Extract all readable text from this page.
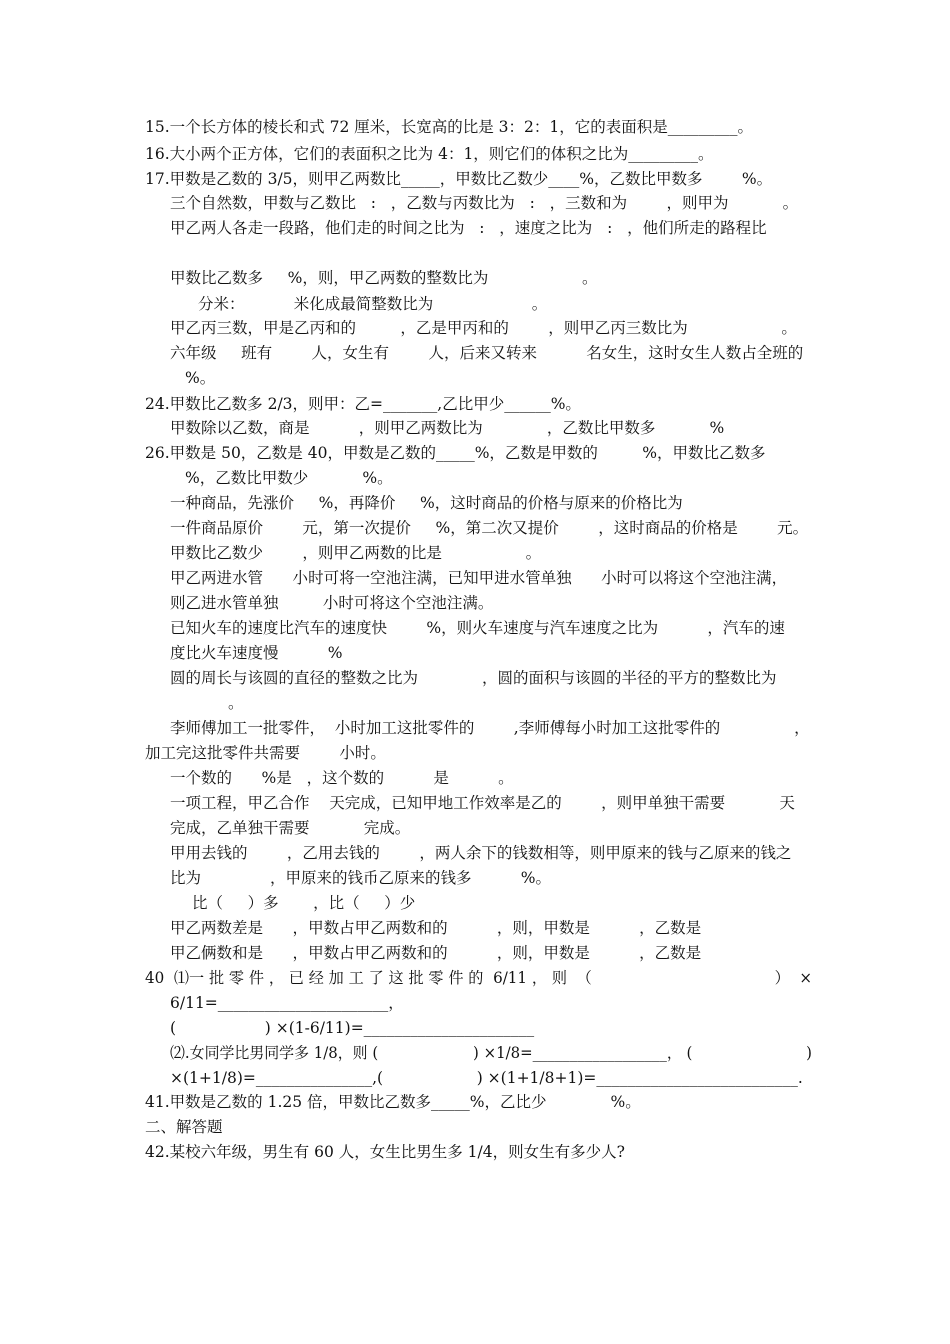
15.一个长方体的棱长和式 72 厘米，长宽高的比是 3：2：1，它的表面积是_________。
16.大小两个正方体，它们的表面积之比为 4：1，则它们的体积之比为_________。
17.甲数是乙数的 3/5，则甲乙两数比_____，甲数比乙数少____%，乙数比甲数多        %。
三个自然数，甲数与乙数比   :   ，乙数与丙数比为   :   ，三数和为        ，则甲为           。
甲乙两人各走一段路，他们走的时间之比为   :   ，速度之比为   :   ，他们所走的路程比
甲数比乙数多     %，则，甲乙两数的整数比为                   。
分米：          米化成最简整数比为                    。
甲乙丙三数，甲是乙丙和的         ，乙是甲丙和的        ，则甲乙丙三数比为                   。
六年级     班有        人，女生有        人，后来又转来          名女生，这时女生人数占全班的
%。
24.甲数比乙数多 2/3，则甲：乙=_______,乙比甲少______%。
甲数除以乙数，商是          ，则甲乙两数比为             ，乙数比甲数多           %
26.甲数是 50，乙数是 40，甲数是乙数的_____%，乙数是甲数的         %，甲数比乙数多
%，乙数比甲数少           %。
一种商品，先涨价     %，再降价     %，这时商品的价格与原来的价格比为
一件商品原价        元，第一次提价     %，第二次又提价        ，这时商品的价格是        元。
甲数比乙数少        ，则甲乙两数的比是                 。
甲乙两进水管      小时可将一空池注满，已知甲进水管单独      小时可以将这个空池注满，
则乙进水管单独         小时可将这个空池注满。
已知火车的速度比汽车的速度快        %，则火车速度与汽车速度之比为          ，汽车的速
度比火车速度慢          %
圆的周长与该圆的直径的整数之比为             ，圆的面积与该圆的半径的平方的整数比为
。
李师傅加工一批零件，  小时加工这批零件的        ,李师傅每小时加工这批零件的               ，
加工完这批零件共需要        小时。
一个数的      %是   ，这个数的          是          。
一项工程，甲乙合作    天完成，已知甲地工作效率是乙的        ，则甲单独干需要           天
完成，乙单独干需要           完成。
甲用去钱的        ，乙用去钱的        ，两人余下的钱数相等，则甲原来的钱与乙原来的钱之
比为              ，甲原来的钱币乙原来的钱多          %。
比（     ）多       ，比（     ）少
甲乙两数差是      ，甲数占甲乙两数和的          ，则，甲数是          ，乙数是
甲乙俩数和是      ，甲数占甲乙两数和的          ，则，甲数是          ，乙数是
40  ⑴一 批 零 件 ， 已 经 加 工 了 这 批 零 件 的  6/11 ， 则  （                                      ）  ×
6/11=______________________，
(                  ) ×(1-6/11)=______________________
⑵.女同学比男同学多 1/8，则 (                    ) ×1/8=__________________， (                        )
×(1+1/8)=_______________,(                   ) ×(1+1/8+1)=__________________________.
41.甲数是乙数的 1.25 倍，甲数比乙数多_____%，乙比少             %。
二、解答题
42.某校六年级，男生有 60 人，女生比男生多 1/4，则女生有多少人?
